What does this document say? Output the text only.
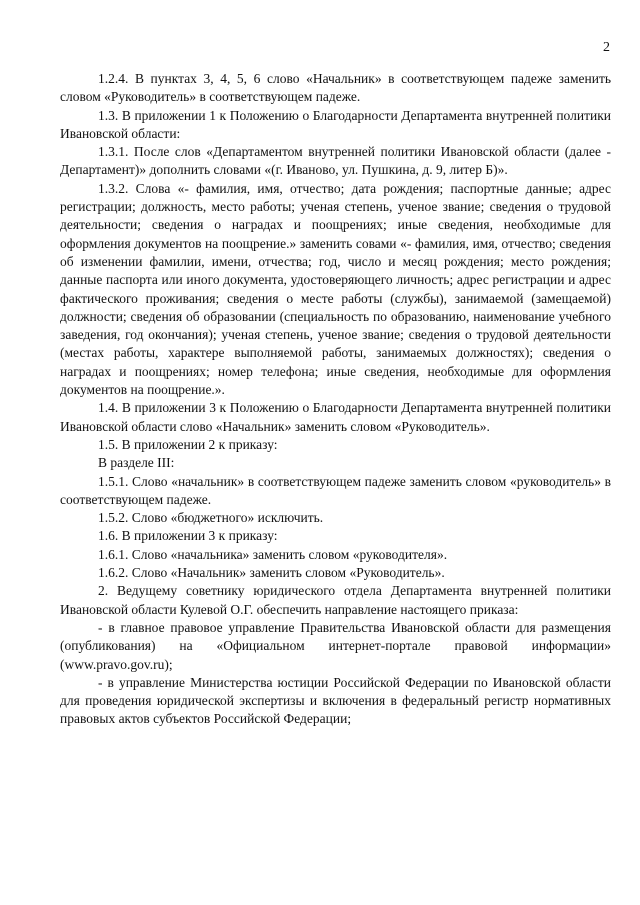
2

1.2.4. В пунктах 3, 4, 5, 6 слово «Начальник» в соответствующем падеже заменить словом «Руководитель» в соответствующем падеже.

1.3. В приложении 1 к Положению о Благодарности Департамента внутренней политики Ивановской области:

1.3.1. После слов «Департаментом внутренней политики Ивановской области (далее - Департамент)» дополнить словами «(г. Иваново, ул. Пушкина, д. 9, литер Б)».

1.3.2. Слова «- фамилия, имя, отчество; дата рождения; паспортные данные; адрес регистрации; должность, место работы; ученая степень, ученое звание; сведения о трудовой деятельности; сведения о наградах и поощрениях; иные сведения, необходимые для оформления документов на поощрение.» заменить совами «- фамилия, имя, отчество; сведения об изменении фамилии, имени, отчества; год, число и месяц рождения; место рождения; данные паспорта или иного документа, удостоверяющего личность; адрес регистрации и адрес фактического проживания; сведения о месте работы (службы), занимаемой (замещаемой) должности; сведения об образовании (специальность по образованию, наименование учебного заведения, год окончания); ученая степень, ученое звание; сведения о трудовой деятельности (местах работы, характере выполняемой работы, занимаемых должностях); сведения о наградах и поощрениях; номер телефона; иные сведения, необходимые для оформления документов на поощрение.».

1.4. В приложении 3 к Положению о Благодарности Департамента внутренней политики Ивановской области слово «Начальник» заменить словом «Руководитель».

1.5. В приложении 2 к приказу:

В разделе III:

1.5.1. Слово «начальник» в соответствующем падеже заменить словом «руководитель» в соответствующем падеже.

1.5.2. Слово «бюджетного» исключить.

1.6. В приложении 3 к приказу:

1.6.1. Слово «начальника» заменить словом «руководителя».

1.6.2. Слово «Начальник» заменить словом «Руководитель».

2. Ведущему советнику юридического отдела Департамента внутренней политики Ивановской области Кулевой О.Г. обеспечить направление настоящего приказа:

- в главное правовое управление Правительства Ивановской области для размещения (опубликования) на «Официальном интернет-портале правовой информации» (www.pravo.gov.ru);

- в управление Министерства юстиции Российской Федерации по Ивановской области для проведения юридической экспертизы и включения в федеральный регистр нормативных правовых актов субъектов Российской Федерации;
